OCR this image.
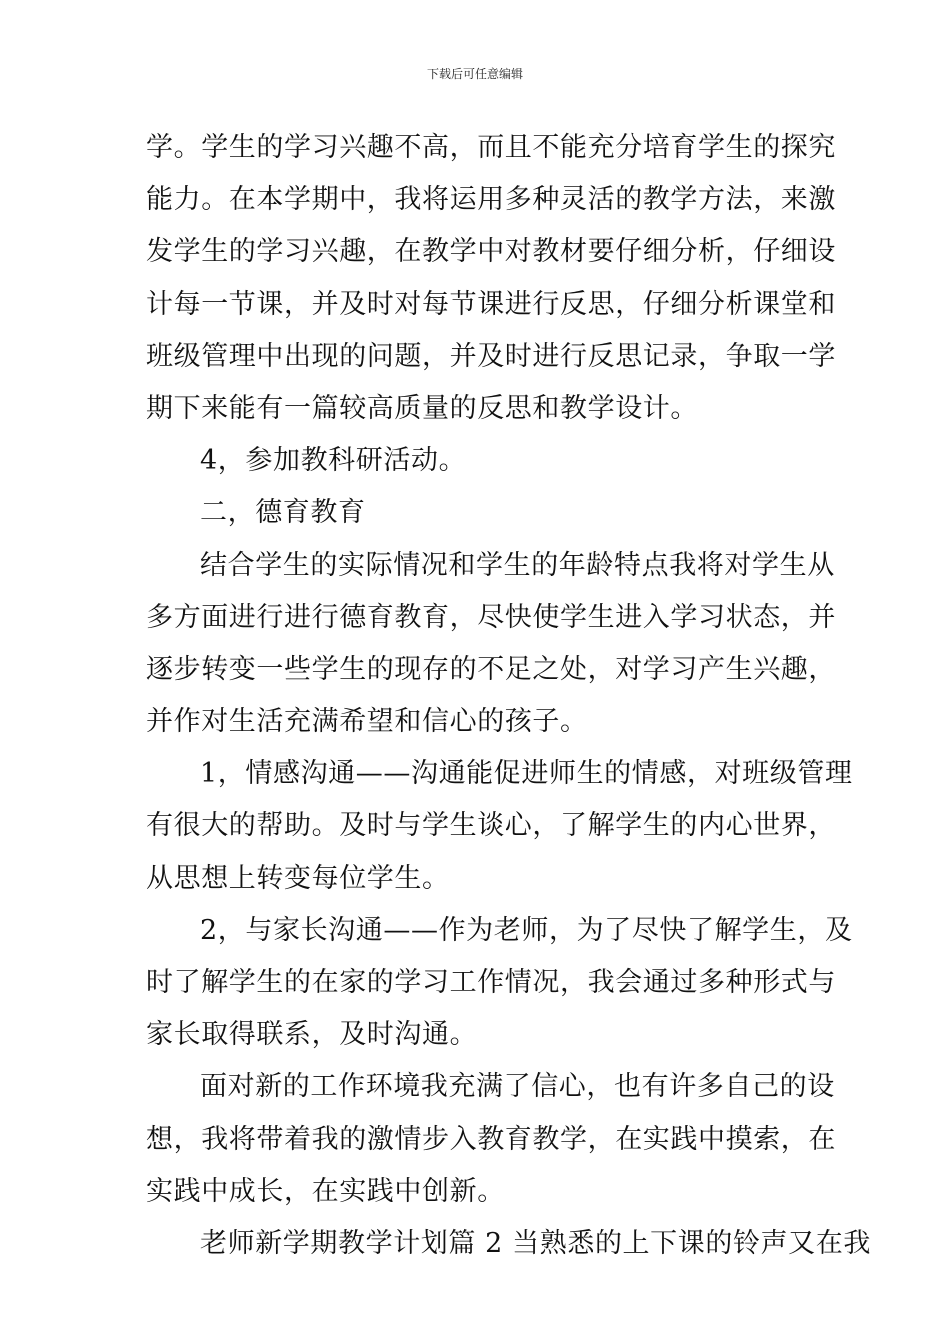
下载后可任意编辑
学。学生的学习兴趣不高，而且不能充分培育学生的探究
能力。在本学期中，我将运用多种灵活的教学方法，来激
发学生的学习兴趣，在教学中对教材要仔细分析，仔细设
计每一节课，并及时对每节课进行反思，仔细分析课堂和
班级管理中出现的问题，并及时进行反思记录，争取一学
期下来能有一篇较高质量的反思和教学设计。
4，参加教科研活动。
二，德育教育
结合学生的实际情况和学生的年龄特点我将对学生从
多方面进行进行德育教育，尽快使学生进入学习状态，并
逐步转变一些学生的现存的不足之处，对学习产生兴趣，
并作对生活充满希望和信心的孩子。
1，情感沟通——沟通能促进师生的情感，对班级管理
有很大的帮助。及时与学生谈心，了解学生的内心世界，
从思想上转变每位学生。
2，与家长沟通——作为老师，为了尽快了解学生，及
时了解学生的在家的学习工作情况，我会通过多种形式与
家长取得联系，及时沟通。
面对新的工作环境我充满了信心，也有许多自己的设
想，我将带着我的激情步入教育教学，在实践中摸索，在
实践中成长，在实践中创新。
老师新学期教学计划篇 2 当熟悉的上下课的铃声又在我
